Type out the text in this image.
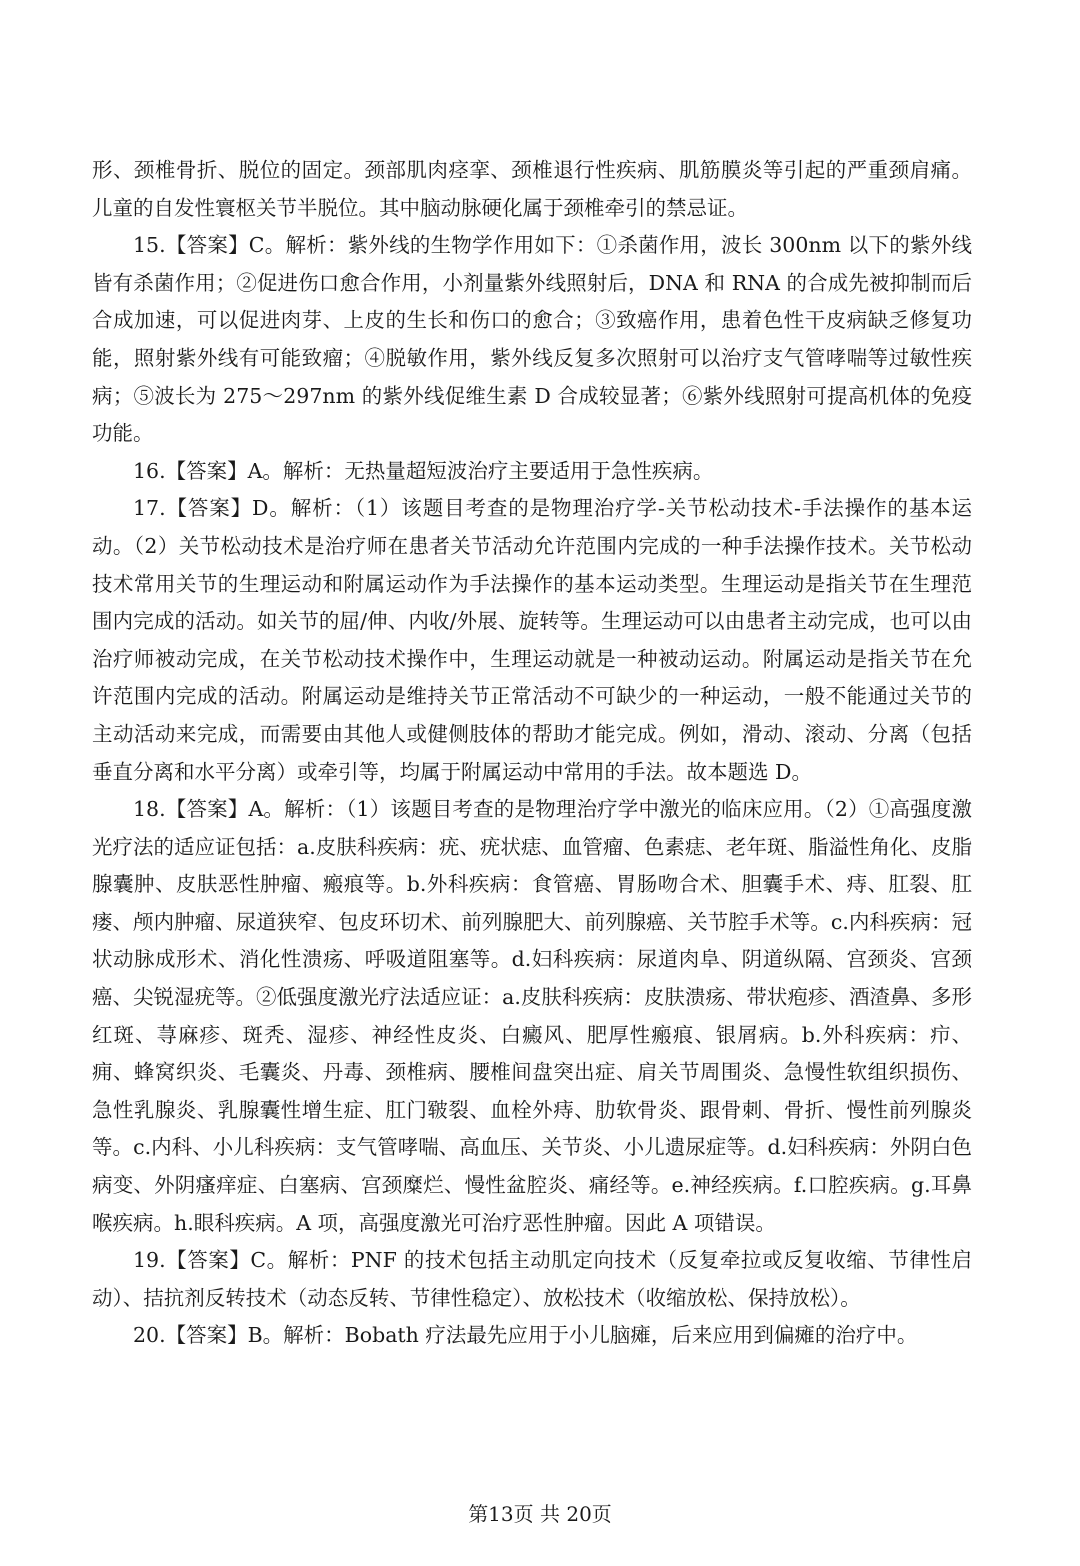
形、颈椎骨折、脱位的固定。颈部肌肉痉挛、颈椎退行性疾病、肌筋膜炎等引起的严重颈肩痛。儿童的自发性寰枢关节半脱位。其中脑动脉硬化属于颈椎牵引的禁忌证。

15.【答案】C。解析：紫外线的生物学作用如下：①杀菌作用，波长 300nm 以下的紫外线皆有杀菌作用；②促进伤口愈合作用，小剂量紫外线照射后，DNA 和 RNA 的合成先被抑制而后合成加速，可以促进肉芽、上皮的生长和伤口的愈合；③致癌作用，患着色性干皮病缺乏修复功能，照射紫外线有可能致瘤；④脱敏作用，紫外线反复多次照射可以治疗支气管哮喘等过敏性疾病；⑤波长为 275～297nm 的紫外线促维生素 D 合成较显著；⑥紫外线照射可提高机体的免疫功能。

16.【答案】A。解析：无热量超短波治疗主要适用于急性疾病。

17.【答案】D。解析：（1）该题目考查的是物理治疗学-关节松动技术-手法操作的基本运动。（2）关节松动技术是治疗师在患者关节活动允许范围内完成的一种手法操作技术。关节松动技术常用关节的生理运动和附属运动作为手法操作的基本运动类型。生理运动是指关节在生理范围内完成的活动。如关节的屈/伸、内收/外展、旋转等。生理运动可以由患者主动完成，也可以由治疗师被动完成，在关节松动技术操作中，生理运动就是一种被动运动。附属运动是指关节在允许范围内完成的活动。附属运动是维持关节正常活动不可缺少的一种运动，一般不能通过关节的主动活动来完成，而需要由其他人或健侧肢体的帮助才能完成。例如，滑动、滚动、分离（包括垂直分离和水平分离）或牵引等，均属于附属运动中常用的手法。故本题选 D。

18.【答案】A。解析：（1）该题目考查的是物理治疗学中激光的临床应用。（2）①高强度激光疗法的适应证包括：a.皮肤科疾病：疣、疣状痣、血管瘤、色素痣、老年斑、脂溢性角化、皮脂腺囊肿、皮肤恶性肿瘤、瘢痕等。b.外科疾病：食管癌、胃肠吻合术、胆囊手术、痔、肛裂、肛瘘、颅内肿瘤、尿道狭窄、包皮环切术、前列腺肥大、前列腺癌、关节腔手术等。c.内科疾病：冠状动脉成形术、消化性溃疡、呼吸道阻塞等。d.妇科疾病：尿道肉阜、阴道纵隔、宫颈炎、宫颈癌、尖锐湿疣等。②低强度激光疗法适应证：a.皮肤科疾病：皮肤溃疡、带状疱疹、酒渣鼻、多形红斑、荨麻疹、斑秃、湿疹、神经性皮炎、白癜风、肥厚性瘢痕、银屑病。b.外科疾病：疖、痈、蜂窝织炎、毛囊炎、丹毒、颈椎病、腰椎间盘突出症、肩关节周围炎、急慢性软组织损伤、急性乳腺炎、乳腺囊性增生症、肛门皲裂、血栓外痔、肋软骨炎、跟骨刺、骨折、慢性前列腺炎等。c.内科、小儿科疾病：支气管哮喘、高血压、关节炎、小儿遗尿症等。d.妇科疾病：外阴白色病变、外阴瘙痒症、白塞病、宫颈糜烂、慢性盆腔炎、痛经等。e.神经疾病。f.口腔疾病。g.耳鼻喉疾病。h.眼科疾病。A 项，高强度激光可治疗恶性肿瘤。因此 A 项错误。

19.【答案】C。解析：PNF 的技术包括主动肌定向技术（反复牵拉或反复收缩、节律性启动）、拮抗剂反转技术（动态反转、节律性稳定）、放松技术（收缩放松、保持放松）。

20.【答案】B。解析：Bobath 疗法最先应用于小儿脑瘫，后来应用到偏瘫的治疗中。

第13页 共 20页
